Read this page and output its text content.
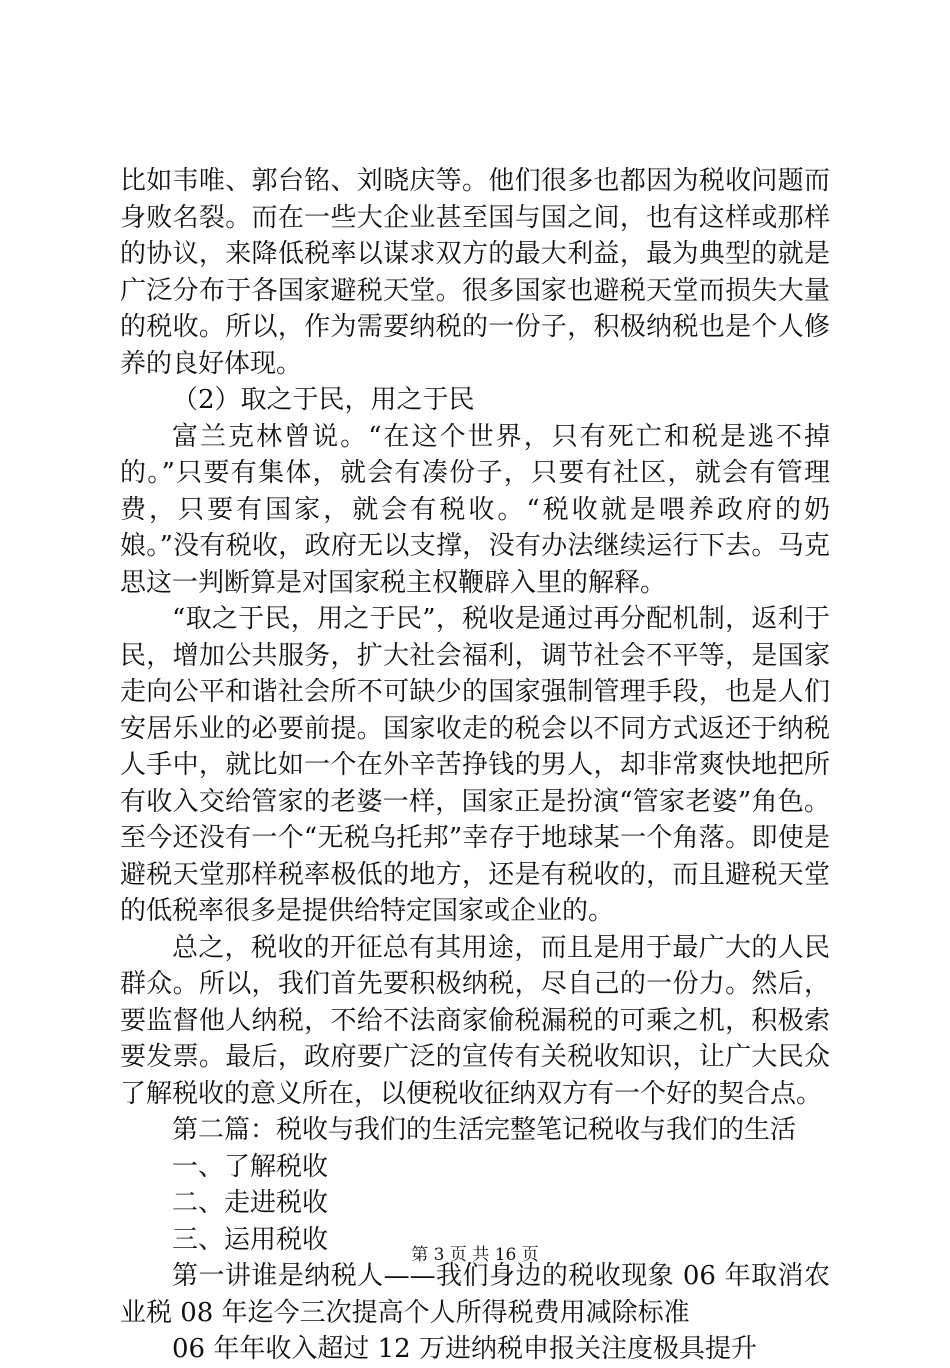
比如韦唯、郭台铭、刘晓庆等。他们很多也都因为税收问题而身败名裂。而在一些大企业甚至国与国之间，也有这样或那样的协议，来降低税率以谋求双方的最大利益，最为典型的就是广泛分布于各国家避税天堂。很多国家也避税天堂而损失大量的税收。所以，作为需要纳税的一份子，积极纳税也是个人修养的良好体现。

（2）取之于民，用之于民

富兰克林曾说。“在这个世界，只有死亡和税是逃不掉的。”只要有集体，就会有凑份子，只要有社区，就会有管理费，只要有国家，就会有税收。“税收就是喂养政府的奶娘。”没有税收，政府无以支撑，没有办法继续运行下去。马克思这一判断算是对国家税主权鞭辟入里的解释。

“取之于民，用之于民”，税收是通过再分配机制，返利于民，增加公共服务，扩大社会福利，调节社会不平等，是国家走向公平和谐社会所不可缺少的国家强制管理手段，也是人们安居乐业的必要前提。国家收走的税会以不同方式返还于纳税人手中，就比如一个在外辛苦挣钱的男人，却非常爽快地把所有收入交给管家的老婆一样，国家正是扮演“管家老婆”角色。至今还没有一个“无税乌托邦”幸存于地球某一个角落。即使是避税天堂那样税率极低的地方，还是有税收的，而且避税天堂的低税率很多是提供给特定国家或企业的。

总之，税收的开征总有其用途，而且是用于最广大的人民群众。所以，我们首先要积极纳税，尽自己的一份力。然后，要监督他人纳税，不给不法商家偷税漏税的可乘之机，积极索要发票。最后，政府要广泛的宣传有关税收知识，让广大民众了解税收的意义所在，以便税收征纳双方有一个好的契合点。

第二篇：税收与我们的生活完整笔记税收与我们的生活

一、了解税收

二、走进税收

三、运用税收

第一讲谁是纳税人——我们身边的税收现象 06 年取消农业税 08 年迄今三次提高个人所得税费用减除标准

06 年年收入超过 12 万进纳税申报关注度极具提升

第 3 页 共 16 页
